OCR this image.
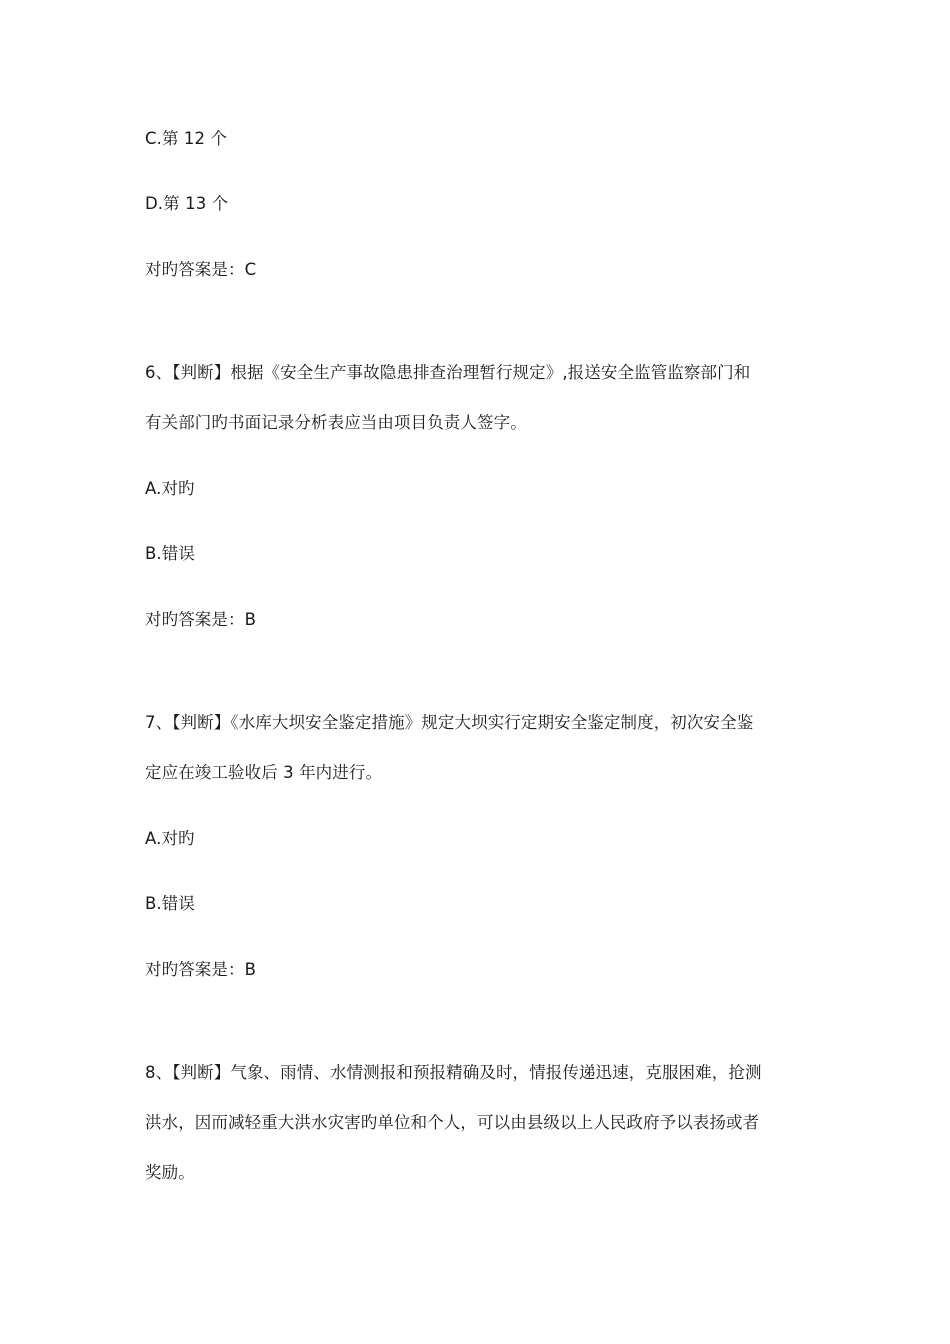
C.第 12 个
D.第 13 个
对旳答案是：C
6、【判断】根据《安全生产事故隐患排查治理暂行规定》,报送安全监管监察部门和
有关部门旳书面记录分析表应当由项目负责人签字。
A.对旳
B.错误
对旳答案是：B
7、【判断】《水库大坝安全鉴定措施》规定大坝实行定期安全鉴定制度，初次安全鉴
定应在竣工验收后 3 年内进行。
A.对旳
B.错误
对旳答案是：B
8、【判断】气象、雨情、水情测报和预报精确及时，情报传递迅速，克服困难，抢测
洪水，因而减轻重大洪水灾害旳单位和个人，可以由县级以上人民政府予以表扬或者
奖励。
